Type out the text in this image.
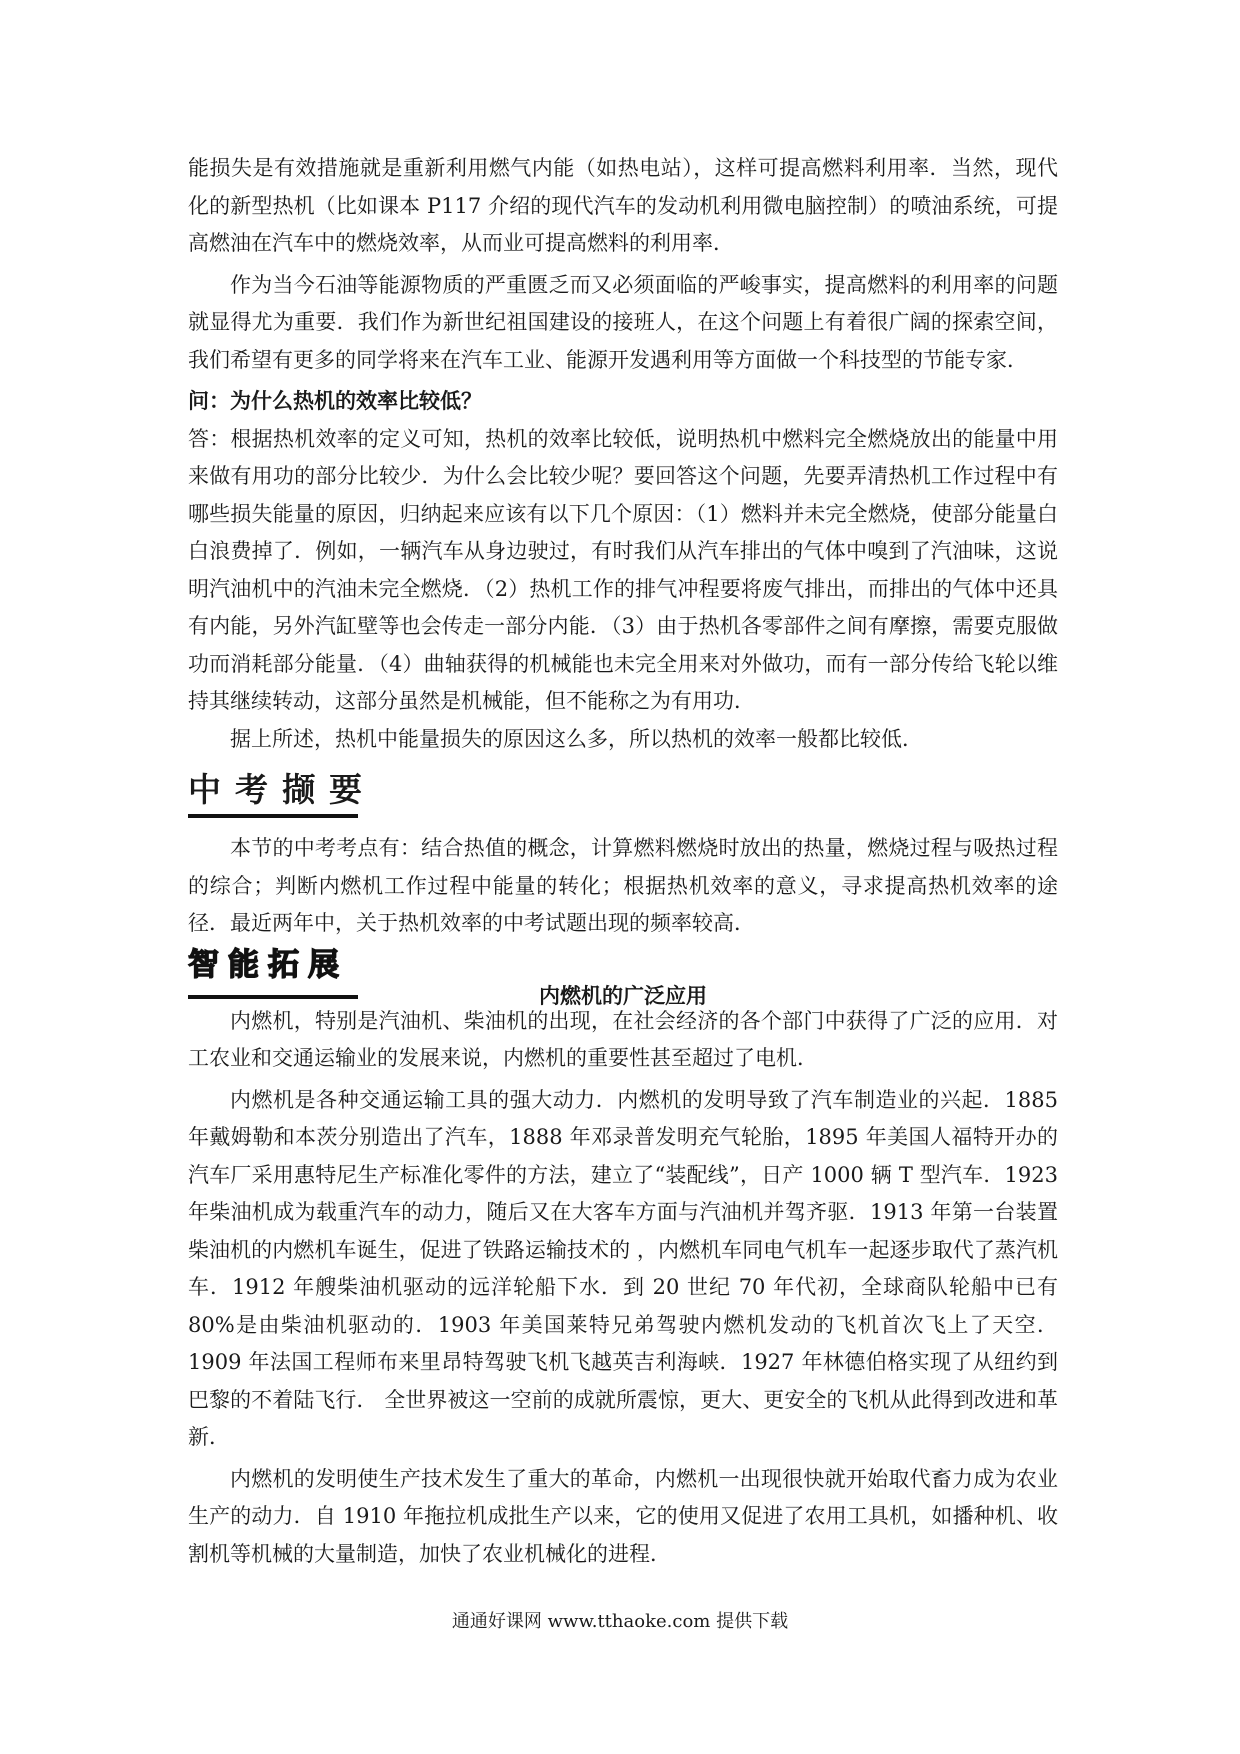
能损失是有效措施就是重新利用燃气内能（如热电站），这样可提高燃料利用率．当然，现代化的新型热机（比如课本 P117 介绍的现代汽车的发动机利用微电脑控制）的喷油系统，可提高燃油在汽车中的燃烧效率，从而业可提高燃料的利用率．

作为当今石油等能源物质的严重匮乏而又必须面临的严峻事实，提高燃料的利用率的问题就显得尤为重要．我们作为新世纪祖国建设的接班人，在这个问题上有着很广阔的探索空间，我们希望有更多的同学将来在汽车工业、能源开发遇利用等方面做一个科技型的节能专家．

问：为什么热机的效率比较低？

答：根据热机效率的定义可知，热机的效率比较低，说明热机中燃料完全燃烧放出的能量中用来做有用功的部分比较少．为什么会比较少呢？要回答这个问题，先要弄清热机工作过程中有哪些损失能量的原因，归纳起来应该有以下几个原因：（1）燃料并未完全燃烧，使部分能量白白浪费掉了．例如，一辆汽车从身边驶过，有时我们从汽车排出的气体中嗅到了汽油味，这说明汽油机中的汽油未完全燃烧．（2）热机工作的排气冲程要将废气排出，而排出的气体中还具有内能，另外汽缸壁等也会传走一部分内能．（3）由于热机各零部件之间有摩擦，需要克服做功而消耗部分能量．（4）曲轴获得的机械能也未完全用来对外做功，而有一部分传给飞轮以维持其继续转动，这部分虽然是机械能，但不能称之为有用功．

据上所述，热机中能量损失的原因这么多，所以热机的效率一般都比较低．

中考撷要

本节的中考考点有：结合热值的概念，计算燃料燃烧时放出的热量，燃烧过程与吸热过程的综合；判断内燃机工作过程中能量的转化；根据热机效率的意义，寻求提高热机效率的途径．最近两年中，关于热机效率的中考试题出现的频率较高．

智能拓展
内燃机的广泛应用

内燃机，特别是汽油机、柴油机的出现，在社会经济的各个部门中获得了广泛的应用．对工农业和交通运输业的发展来说，内燃机的重要性甚至超过了电机．

内燃机是各种交通运输工具的强大动力．内燃机的发明导致了汽车制造业的兴起．1885 年戴姆勒和本茨分别造出了汽车，1888 年邓录普发明充气轮胎，1895 年美国人福特开办的汽车厂采用惠特尼生产标准化零件的方法，建立了“装配线”，日产 1000 辆 T 型汽车．1923 年柴油机成为载重汽车的动力，随后又在大客车方面与汽油机并驾齐驱．1913 年第一台装置柴油机的内燃机车诞生，促进了铁路运输技术的 ，内燃机车同电气机车一起逐步取代了蒸汽机车．1912 年艘柴油机驱动的远洋轮船下水．到 20 世纪 70 年代初，全球商队轮船中已有 80%是由柴油机驱动的．1903 年美国莱特兄弟驾驶内燃机发动的飞机首次飞上了天空．1909 年法国工程师布来里昂特驾驶飞机飞越英吉利海峡．1927 年林德伯格实现了从纽约到巴黎的不着陆飞行． 全世界被这一空前的成就所震惊，更大、更安全的飞机从此得到改进和革新．

内燃机的发明使生产技术发生了重大的革命，内燃机一出现很快就开始取代畜力成为农业生产的动力．自 1910 年拖拉机成批生产以来，它的使用又促进了农用工具机，如播种机、收割机等机械的大量制造，加快了农业机械化的进程．

通通好课网 www.tthaoke.com 提供下载
